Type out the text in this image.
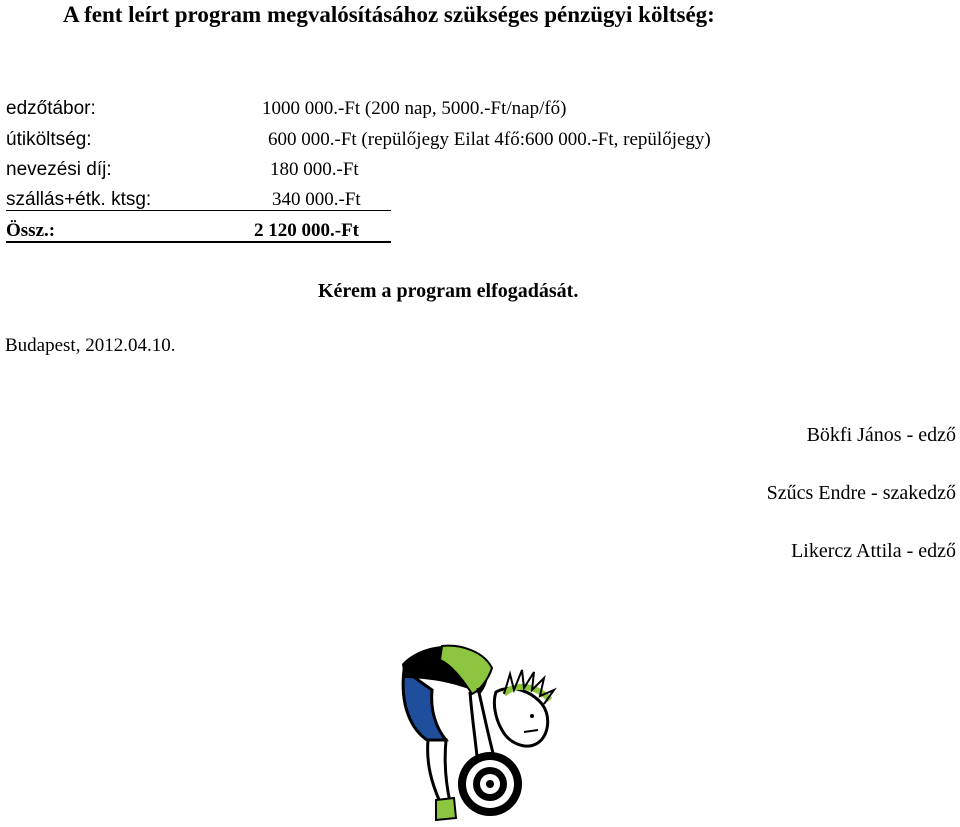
A fent leírt program megvalósításához szükséges pénzügyi költség:
edzőtábor:	1000 000.-Ft (200 nap, 5000.-Ft/nap/fő)
útiköltség:	600 000.-Ft (repülőjegy Eilat 4fő:600 000.-Ft, repülőjegy)
nevezési díj:	180 000.-Ft
szállás+étk. ktsg:	340 000.-Ft
Össz.:	2 120 000.-Ft
Kérem a program elfogadását.
Budapest, 2012.04.10.
Bökfi János - edző
Szűcs Endre - szakedző
Likercz Attila - edző
